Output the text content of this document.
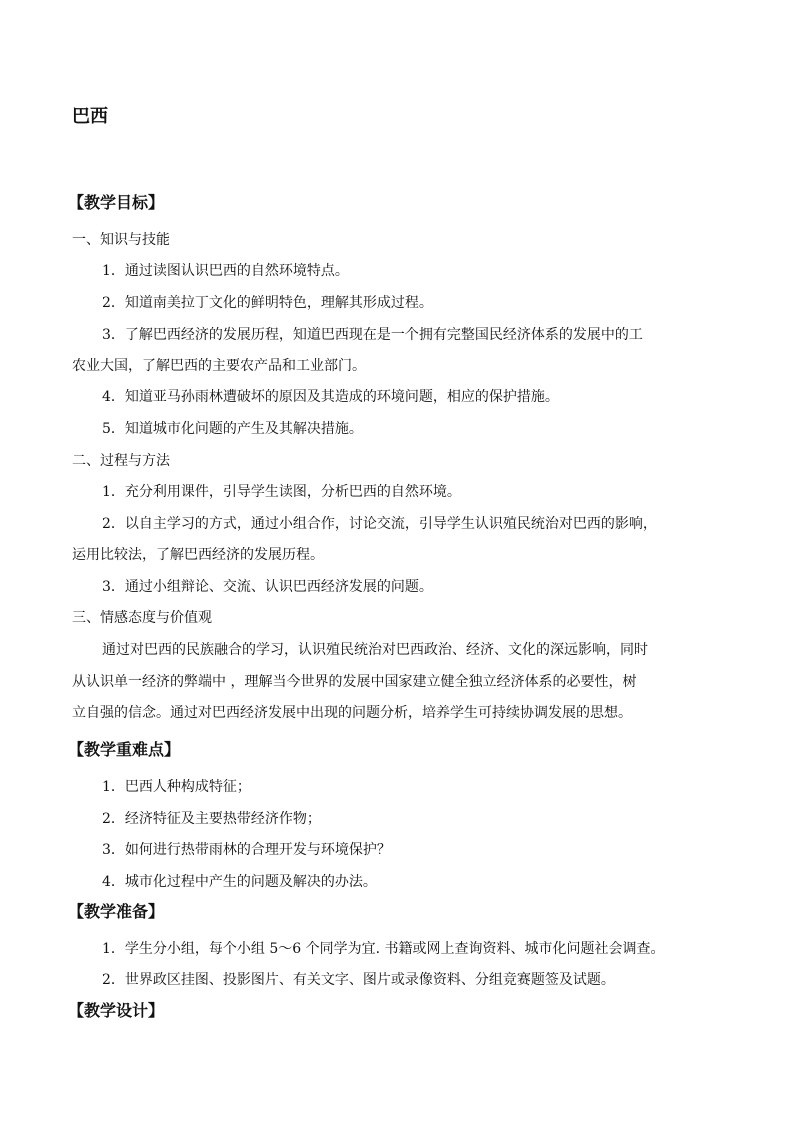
巴西
【教学目标】

一、知识与技能

1．通过读图认识巴西的自然环境特点。

2．知道南美拉丁文化的鲜明特色，理解其形成过程。

3．了解巴西经济的发展历程，知道巴西现在是一个拥有完整国民经济体系的发展中的工

农业大国，了解巴西的主要农产品和工业部门。

4．知道亚马孙雨林遭破坏的原因及其造成的环境问题，相应的保护措施。

5．知道城市化问题的产生及其解决措施。

二、过程与方法

1．充分利用课件，引导学生读图，分析巴西的自然环境。

2．以自主学习的方式，通过小组合作，讨论交流，引导学生认识殖民统治对巴西的影响，

运用比较法，了解巴西经济的发展历程。

3．通过小组辩论、交流、认识巴西经济发展的问题。

三、情感态度与价值观

通过对巴西的民族融合的学习，认识殖民统治对巴西政治、经济、文化的深远影响，同时

从认识单一经济的弊端中 ，理解当今世界的发展中国家建立健全独立经济体系的必要性，树

立自强的信念。通过对巴西经济发展中出现的问题分析，培养学生可持续协调发展的思想。

【教学重难点】

1．巴西人种构成特征；

2．经济特征及主要热带经济作物；

3．如何进行热带雨林的合理开发与环境保护？

4．城市化过程中产生的问题及解决的办法。

【教学准备】

1．学生分小组，每个小组 5～6 个同学为宜. 书籍或网上查询资料、城市化问题社会调查。

2．世界政区挂图、投影图片、有关文字、图片或录像资料、分组竞赛题签及试题。

【教学设计】
